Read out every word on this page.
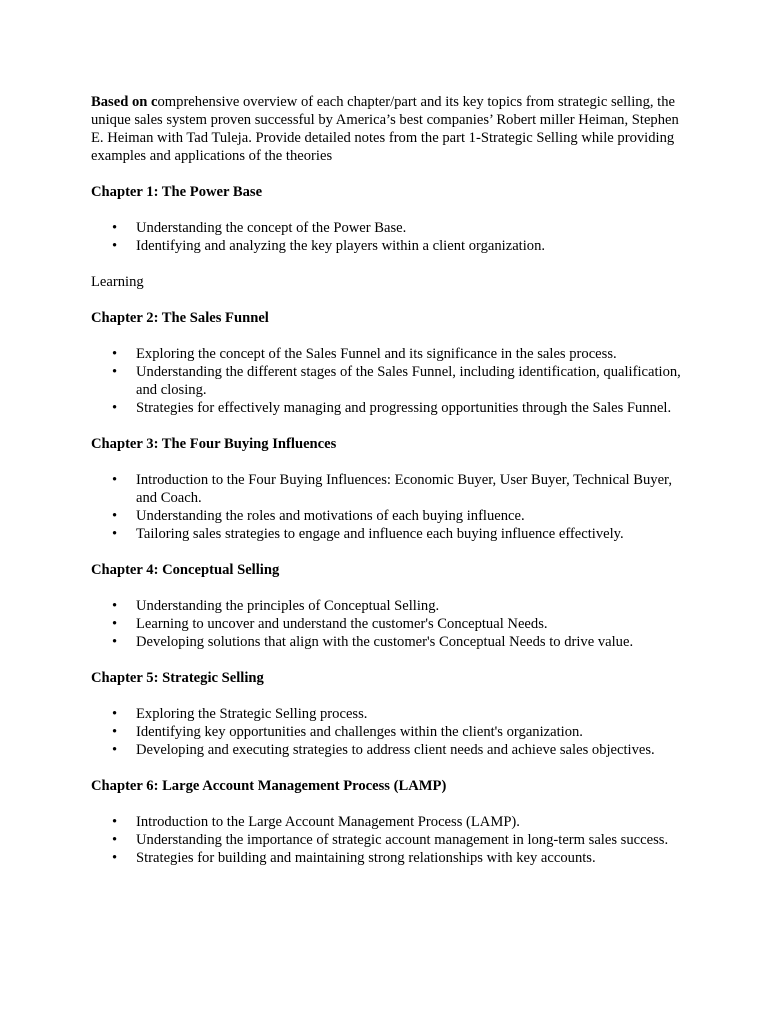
Based on comprehensive overview of each chapter/part and its key topics from strategic selling, the unique sales system proven successful by America’s best companies’ Robert miller Heiman, Stephen E. Heiman with Tad Tuleja. Provide detailed notes from the part 1-Strategic Selling while providing examples and applications of the theories

Chapter 1: The Power Base
• Understanding the concept of the Power Base.
• Identifying and analyzing the key players within a client organization.

Learning

Chapter 2: The Sales Funnel
• Exploring the concept of the Sales Funnel and its significance in the sales process.
• Understanding the different stages of the Sales Funnel, including identification, qualification, and closing.
• Strategies for effectively managing and progressing opportunities through the Sales Funnel.
Chapter 3: The Four Buying Influences
• Introduction to the Four Buying Influences: Economic Buyer, User Buyer, Technical Buyer, and Coach.
• Understanding the roles and motivations of each buying influence.
• Tailoring sales strategies to engage and influence each buying influence effectively.
Chapter 4: Conceptual Selling
• Understanding the principles of Conceptual Selling.
• Learning to uncover and understand the customer's Conceptual Needs.
• Developing solutions that align with the customer's Conceptual Needs to drive value.
Chapter 5: Strategic Selling
• Exploring the Strategic Selling process.
• Identifying key opportunities and challenges within the client's organization.
• Developing and executing strategies to address client needs and achieve sales objectives.
Chapter 6: Large Account Management Process (LAMP)
• Introduction to the Large Account Management Process (LAMP).
• Understanding the importance of strategic account management in long-term sales success.
• Strategies for building and maintaining strong relationships with key accounts.
